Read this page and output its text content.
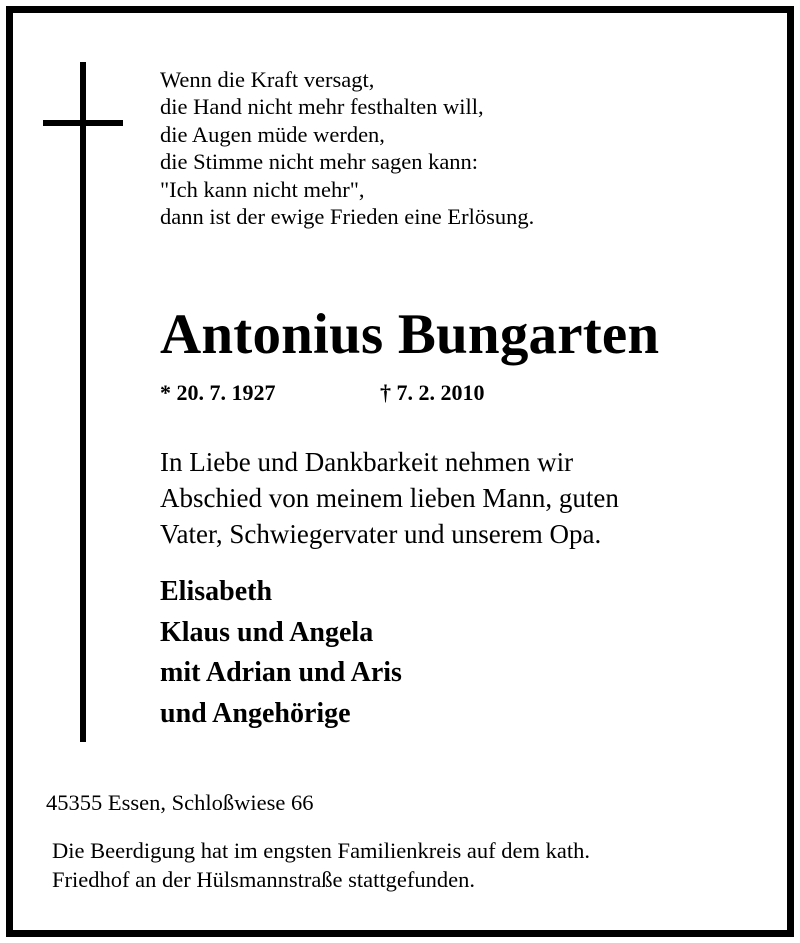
Wenn die Kraft versagt,
die Hand nicht mehr festhalten will,
die Augen müde werden,
die Stimme nicht mehr sagen kann:
"Ich kann nicht mehr",
dann ist der ewige Frieden eine Erlösung.
Antonius Bungarten
* 20. 7. 1927	† 7. 2. 2010
In Liebe und Dankbarkeit nehmen wir
Abschied von meinem lieben Mann, guten
Vater, Schwiegervater und unserem Opa.
Elisabeth
Klaus und Angela
mit Adrian und Aris
und Angehörige
45355 Essen, Schloßwiese 66
Die Beerdigung hat im engsten Familienkreis auf dem kath.
Friedhof an der Hülsmannstraße stattgefunden.
